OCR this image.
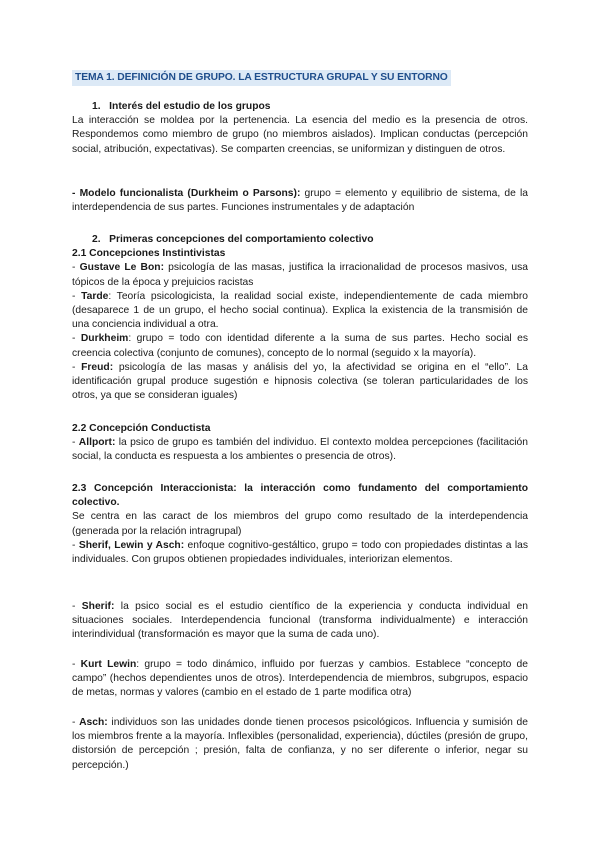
TEMA 1. DEFINICIÓN DE GRUPO. LA ESTRUCTURA GRUPAL Y SU ENTORNO

1.   Interés del estudio de los grupos

La interacción se moldea por la pertenencia. La esencia del medio es la presencia de otros. Respondemos como miembro de grupo (no miembros aislados). Implican conductas (percepción social, atribución, expectativas). Se comparten creencias, se uniformizan y distinguen de otros.

- Modelo funcionalista (Durkheim o Parsons): grupo = elemento y equilibrio de sistema, de la interdependencia de sus partes. Funciones instrumentales y de adaptación

2.   Primeras concepciones del comportamiento colectivo

2.1 Concepciones Instintivistas

- Gustave Le Bon: psicología de las masas, justifica la irracionalidad de procesos masivos, usa tópicos de la época y prejuicios racistas

- Tarde: Teoría psicologicista, la realidad social existe, independientemente de cada miembro (desaparece 1 de un grupo, el hecho social continua). Explica la existencia de la transmisión de una conciencia individual a otra.

- Durkheim: grupo = todo con identidad diferente a la suma de sus partes. Hecho social es creencia colectiva (conjunto de comunes), concepto de lo normal (seguido x la mayoría).

- Freud: psicología de las masas y análisis del yo, la afectividad se origina en el “ello”. La identificación grupal produce sugestión e hipnosis colectiva (se toleran particularidades de los otros, ya que se consideran iguales)

2.2 Concepción Conductista

- Allport: la psico de grupo es también del individuo. El contexto moldea percepciones (facilitación social, la conducta es respuesta a los ambientes o presencia de otros).

2.3 Concepción Interaccionista: la interacción como fundamento del comportamiento colectivo.

Se centra en las caract de los miembros del grupo como resultado de la interdependencia (generada por la relación intragrupal)

- Sherif, Lewin y Asch: enfoque cognitivo-gestáltico, grupo = todo con propiedades distintas a las individuales. Con grupos obtienen propiedades individuales, interiorizan elementos.

- Sherif: la psico social es el estudio científico de la experiencia y conducta individual en situaciones sociales. Interdependencia funcional (transforma individualmente) e interacción interindividual (transformación es mayor que la suma de cada uno).

- Kurt Lewin: grupo = todo dinámico, influido por fuerzas y cambios. Establece “concepto de campo” (hechos dependientes unos de otros). Interdependencia de miembros, subgrupos, espacio de metas, normas y valores (cambio en el estado de 1 parte modifica otra)

- Asch: individuos son las unidades donde tienen procesos psicológicos. Influencia y sumisión de los miembros frente a la mayoría. Inflexibles (personalidad, experiencia), dúctiles (presión de grupo, distorsión de percepción ; presión, falta de confianza, y no ser diferente o inferior, negar su percepción.)
